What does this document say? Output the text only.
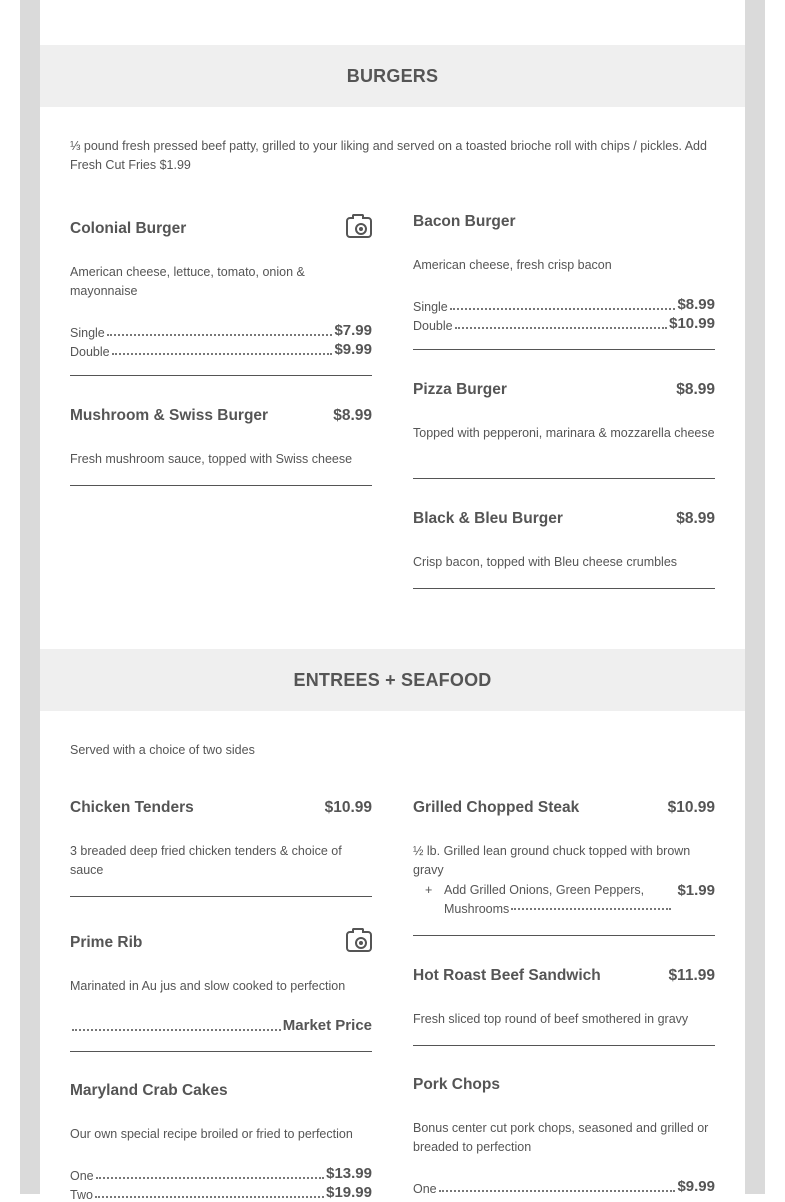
BURGERS
⅓ pound fresh pressed beef patty, grilled to your liking and served on a toasted brioche roll with chips / pickles. Add Fresh Cut Fries $1.99
Colonial Burger
American cheese, lettuce, tomato, onion & mayonnaise
Single	$7.99
Double	$9.99
Bacon Burger
American cheese, fresh crisp bacon
Single	$8.99
Double	$10.99
Mushroom & Swiss Burger	$8.99
Fresh mushroom sauce, topped with Swiss cheese
Pizza Burger	$8.99
Topped with pepperoni, marinara & mozzarella cheese
Black & Bleu Burger	$8.99
Crisp bacon, topped with Bleu cheese crumbles
ENTREES + SEAFOOD
Served with a choice of two sides
Chicken Tenders	$10.99
3 breaded deep fried chicken tenders & choice of sauce
Grilled Chopped Steak	$10.99
½ lb. Grilled lean ground chuck topped with brown gravy
+ Add Grilled Onions, Green Peppers, Mushrooms
$1.99
Prime Rib
Marinated in Au jus and slow cooked to perfection
Market Price
Hot Roast Beef Sandwich	$11.99
Fresh sliced top round of beef smothered in gravy
Maryland Crab Cakes
Our own special recipe broiled or fried to perfection
One	$13.99
Two	$19.99
Pork Chops
Bonus center cut pork chops, seasoned and grilled or breaded to perfection
One	$9.99
